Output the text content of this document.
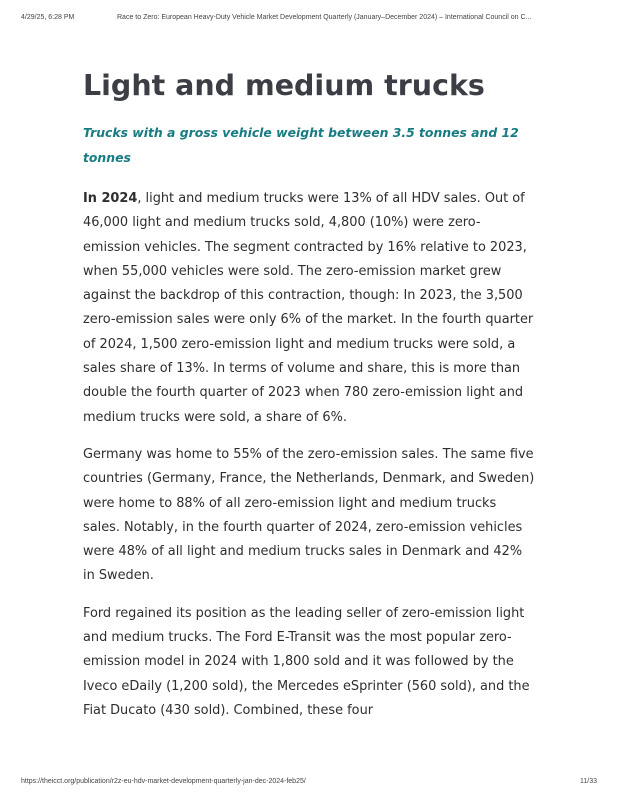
4/29/25, 6:28 PM	Race to Zero: European Heavy-Duty Vehicle Market Development Quarterly (January–December 2024) – International Council on C...
Light and medium trucks

Trucks with a gross vehicle weight between 3.5 tonnes and 12 tonnes

In 2024, light and medium trucks were 13% of all HDV sales. Out of 46,000 light and medium trucks sold, 4,800 (10%) were zero-emission vehicles. The segment contracted by 16% relative to 2023, when 55,000 vehicles were sold. The zero-emission market grew against the backdrop of this contraction, though: In 2023, the 3,500 zero-emission sales were only 6% of the market. In the fourth quarter of 2024, 1,500 zero-emission light and medium trucks were sold, a sales share of 13%. In terms of volume and share, this is more than double the fourth quarter of 2023 when 780 zero-emission light and medium trucks were sold, a share of 6%.

Germany was home to 55% of the zero-emission sales. The same five countries (Germany, France, the Netherlands, Denmark, and Sweden) were home to 88% of all zero-emission light and medium trucks sales. Notably, in the fourth quarter of 2024, zero-emission vehicles were 48% of all light and medium trucks sales in Denmark and 42% in Sweden.

Ford regained its position as the leading seller of zero-emission light and medium trucks. The Ford E-Transit was the most popular zero-emission model in 2024 with 1,800 sold and it was followed by the Iveco eDaily (1,200 sold), the Mercedes eSprinter (560 sold), and the Fiat Ducato (430 sold). Combined, these four

https://theicct.org/publication/r2z-eu-hdv-market-development-quarterly-jan-dec-2024-feb25/	11/33
